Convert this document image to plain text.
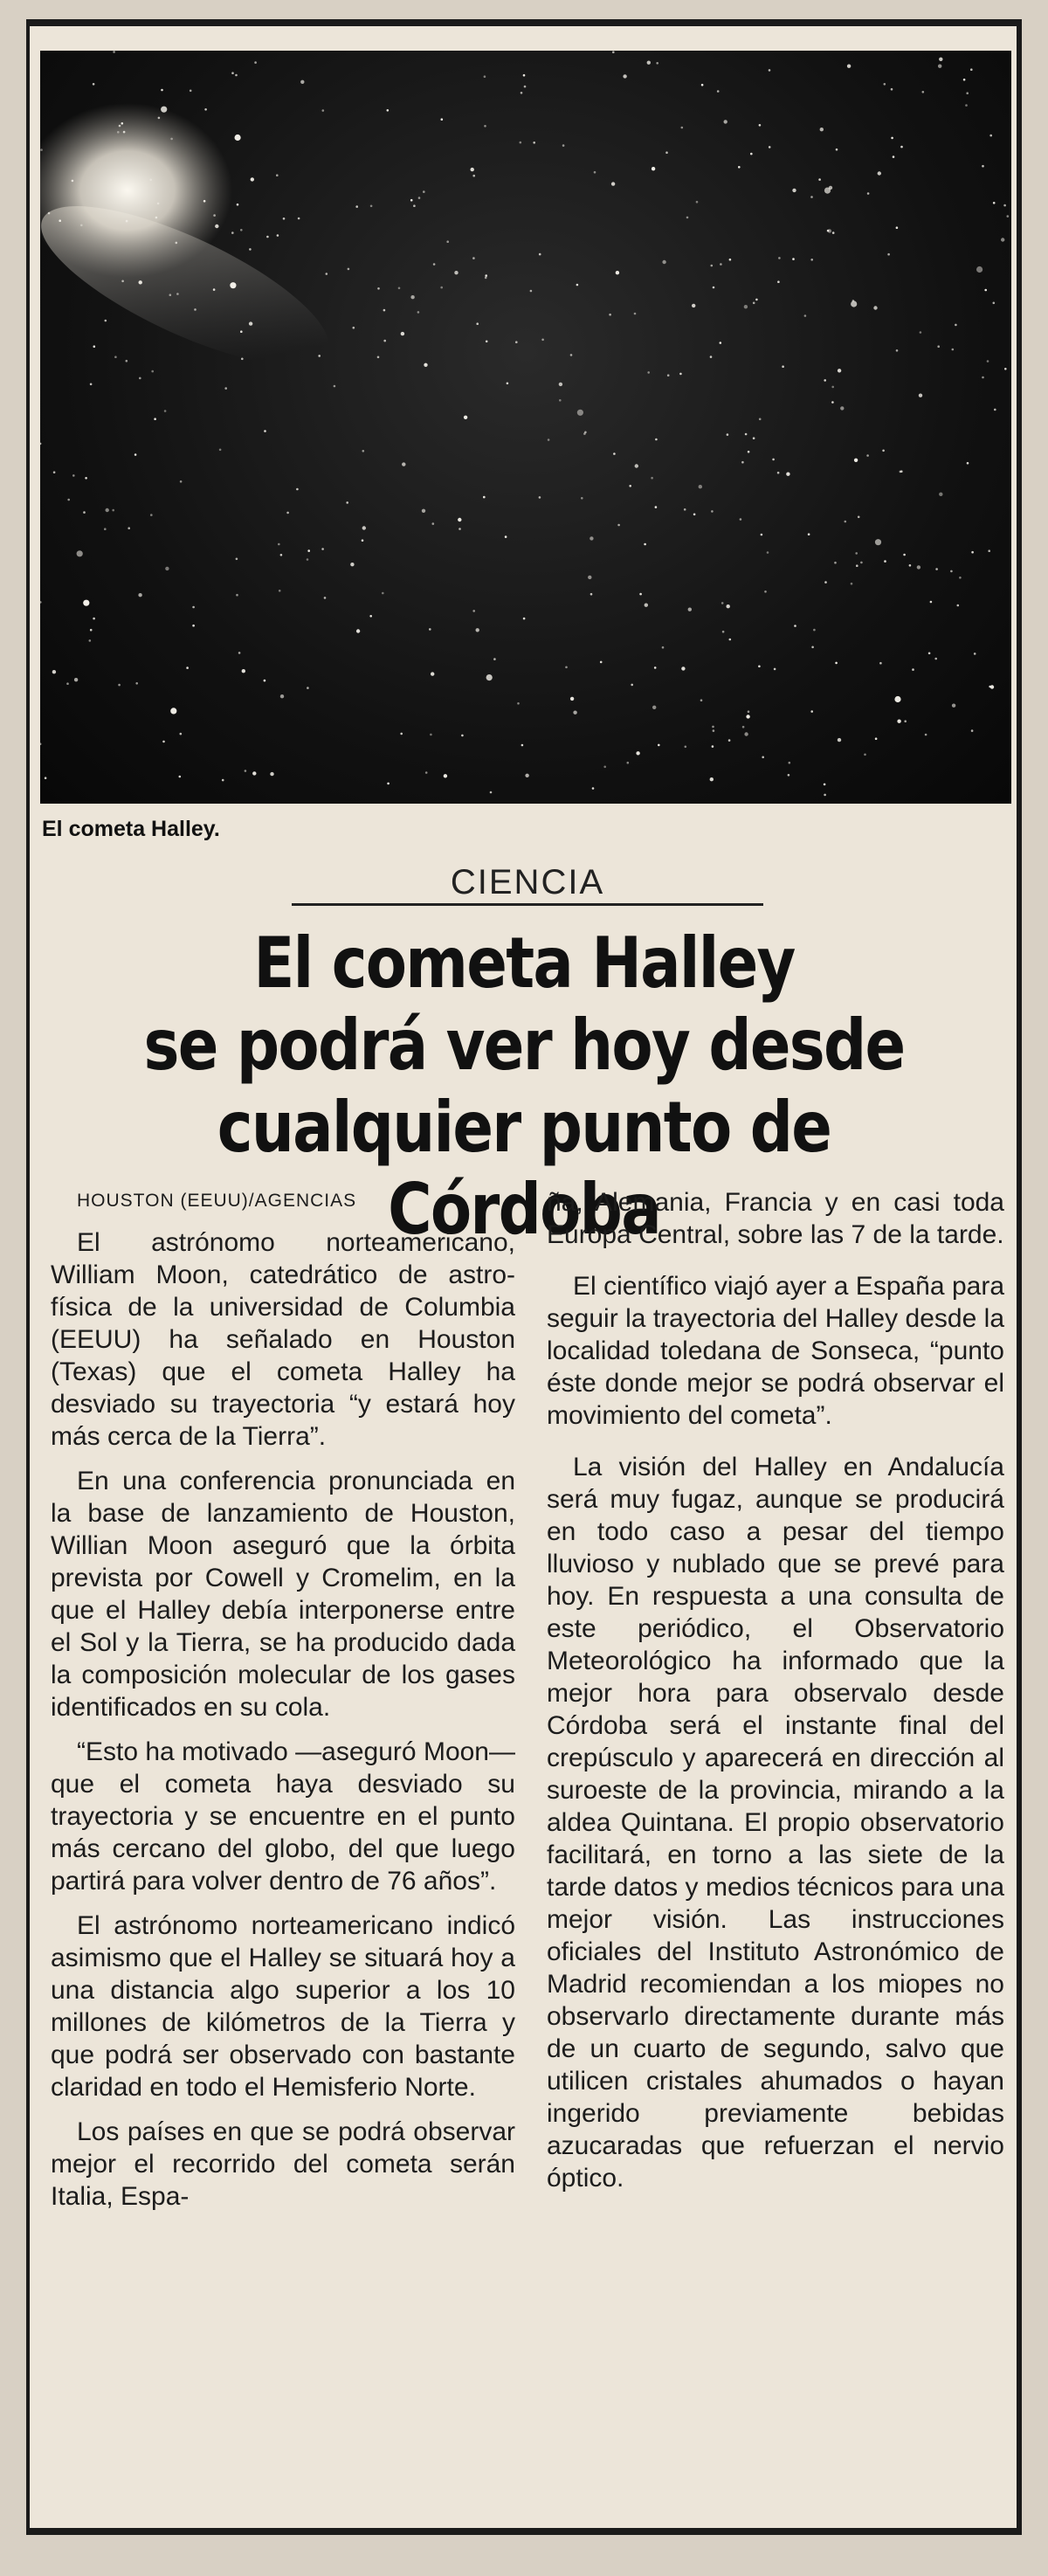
El cometa Halley.

CIENCIA

El cometa Halley
se podrá ver hoy desde
cualquier punto de Córdoba

HOUSTON (EEUU)/AGENCIAS

El astrónomo norteamericano, William Moon, catedrático de astro-física de la universidad de Columbia (EEUU) ha señalado en Houston (Texas) que el cometa Halley ha desviado su trayectoria “y estará hoy más cerca de la Tierra”.

En una conferencia pronunciada en la base de lanzamiento de Houston, Willian Moon aseguró que la órbita prevista por Cowell y Cromelim, en la que el Halley debía interponerse entre el Sol y la Tierra, se ha producido dada la composición molecular de los gases identificados en su cola.

“Esto ha motivado —aseguró Moon— que el cometa haya desviado su trayectoria y se encuentre en el punto más cercano del globo, del que luego partirá para volver dentro de 76 años”.

El astrónomo norteamericano indicó asimismo que el Halley se situará hoy a una distancia algo superior a los 10 millones de kilómetros de la Tierra y que podrá ser observado con bastante claridad en todo el Hemisferio Norte.

Los países en que se podrá observar mejor el recorrido del cometa serán Italia, Espa-

ña, Alemania, Francia y en casi toda Europa Central, sobre las 7 de la tarde.

El científico viajó ayer a España para seguir la trayectoria del Halley desde la localidad toledana de Sonseca, “punto éste donde mejor se podrá observar el movimiento del cometa”.

La visión del Halley en Andalucía será muy fugaz, aunque se producirá en todo caso a pesar del tiempo lluvioso y nublado que se prevé para hoy. En respuesta a una consulta de este periódico, el Observatorio Meteorológico ha informado que la mejor hora para observalo desde Córdoba será el instante final del crepúsculo y aparecerá en dirección al suroeste de la provincia, mirando a la aldea Quintana. El propio observatorio facilitará, en torno a las siete de la tarde datos y medios técnicos para una mejor visión. Las instrucciones oficiales del Instituto Astronómico de Madrid recomiendan a los miopes no observarlo directamente durante más de un cuarto de segundo, salvo que utilicen cristales ahumados o hayan ingerido previamente bebidas azucaradas que refuerzan el nervio óptico.
